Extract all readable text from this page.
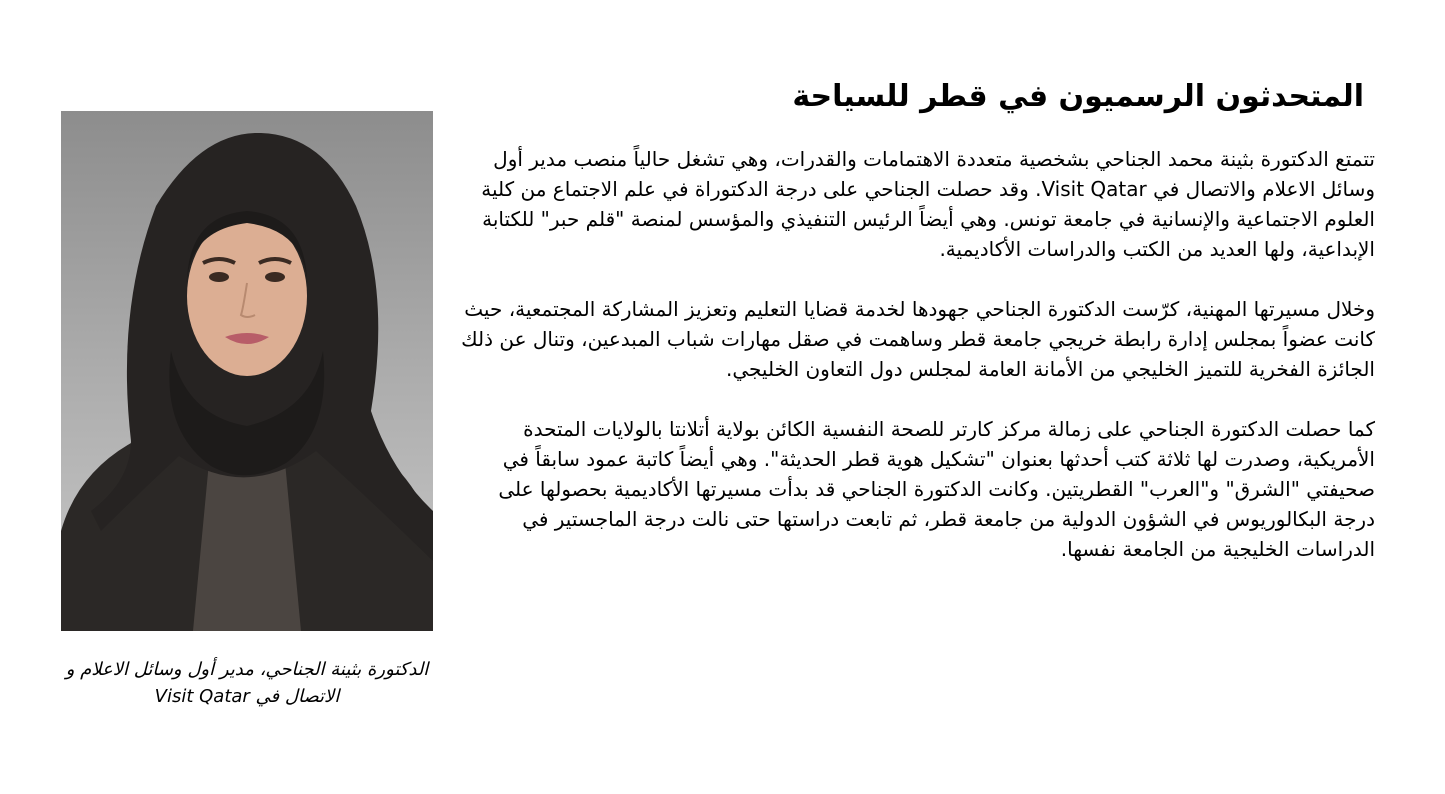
المتحدثون الرسميون في قطر للسياحة

تتمتع الدكتورة بثينة محمد الجناحي بشخصية متعددة الاهتمامات والقدرات، وهي تشغل حالياً منصب مدير أول وسائل الاعلام والاتصال في Visit Qatar. وقد حصلت الجناحي على درجة الدكتوراة في علم الاجتماع من كلية العلوم الاجتماعية والإنسانية في جامعة تونس. وهي أيضاً الرئيس التنفيذي والمؤسس لمنصة "قلم حبر" للكتابة الإبداعية، ولها العديد من الكتب والدراسات الأكاديمية.

وخلال مسيرتها المهنية، كرّست الدكتورة الجناحي جهودها لخدمة قضايا التعليم وتعزيز المشاركة المجتمعية، حيث كانت عضواً بمجلس إدارة رابطة خريجي جامعة قطر وساهمت في صقل مهارات شباب المبدعين، وتنال عن ذلك الجائزة الفخرية للتميز الخليجي من الأمانة العامة لمجلس دول التعاون الخليجي.

كما حصلت الدكتورة الجناحي على زمالة مركز كارتر للصحة النفسية الكائن بولاية أتلانتا بالولايات المتحدة الأمريكية، وصدرت لها ثلاثة كتب أحدثها بعنوان "تشكيل هوية قطر الحديثة". وهي أيضاً كاتبة عمود سابقاً في صحيفتي "الشرق" و"العرب" القطريتين. وكانت الدكتورة الجناحي قد بدأت مسيرتها الأكاديمية بحصولها على درجة البكالوريوس في الشؤون الدولية من جامعة قطر، ثم تابعت دراستها حتى نالت درجة الماجستير في الدراسات الخليجية من الجامعة نفسها.

الدكتورة بثينة الجناحي، مدير أول وسائل الاعلام و الاتصال في Visit Qatar
